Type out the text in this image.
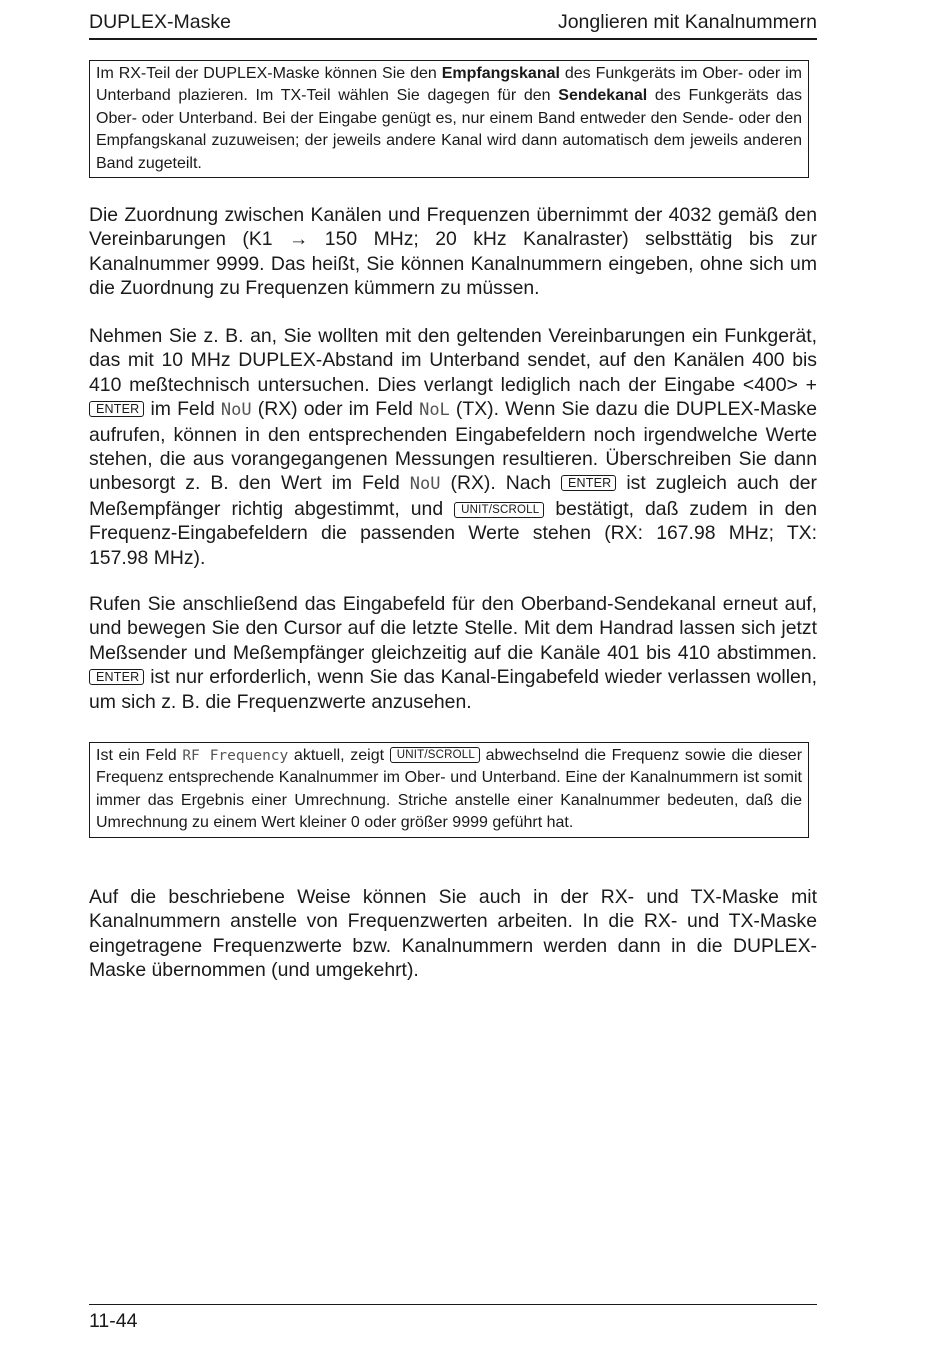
DUPLEX-Maske	Jonglieren mit Kanalnummern

Im RX-Teil der DUPLEX-Maske können Sie den Empfangskanal des Funkgeräts im Ober- oder im Unterband plazieren. Im TX-Teil wählen Sie dagegen für den Sendekanal des Funkgeräts das Ober- oder Unterband. Bei der Eingabe genügt es, nur einem Band entweder den Sende- oder den Empfangskanal zuzuweisen; der jeweils andere Kanal wird dann automatisch dem jeweils anderen Band zugeteilt.

Die Zuordnung zwischen Kanälen und Frequenzen übernimmt der 4032 gemäß den Vereinbarungen (K1 → 150 MHz; 20 kHz Kanalraster) selbsttätig bis zur Kanalnummer 9999. Das heißt, Sie können Kanalnummern eingeben, ohne sich um die Zuordnung zu Frequenzen kümmern zu müssen.

Nehmen Sie z. B. an, Sie wollten mit den geltenden Vereinbarungen ein Funkgerät, das mit 10 MHz DUPLEX-Abstand im Unterband sendet, auf den Kanälen 400 bis 410 meßtechnisch untersuchen. Dies verlangt lediglich nach der Eingabe <400> + ENTER im Feld NoU (RX) oder im Feld NoL (TX). Wenn Sie dazu die DUPLEX-Maske aufrufen, können in den entsprechenden Eingabefeldern noch irgendwelche Werte stehen, die aus vorangegangenen Messungen resultieren. Überschreiben Sie dann unbesorgt z. B. den Wert im Feld NoU (RX). Nach ENTER ist zugleich auch der Meßempfänger richtig abgestimmt, und UNIT/SCROLL bestätigt, daß zudem in den Frequenz-Eingabefeldern die passenden Werte stehen (RX: 167.98 MHz; TX: 157.98 MHz).

Rufen Sie anschließend das Eingabefeld für den Oberband-Sendekanal erneut auf, und bewegen Sie den Cursor auf die letzte Stelle. Mit dem Handrad lassen sich jetzt Meßsender und Meßempfänger gleichzeitig auf die Kanäle 401 bis 410 abstimmen. ENTER ist nur erforderlich, wenn Sie das Kanal-Eingabefeld wieder verlassen wollen, um sich z. B. die Frequenzwerte anzusehen.

Ist ein Feld RF Frequency aktuell, zeigt UNIT/SCROLL abwechselnd die Frequenz sowie die dieser Frequenz entsprechende Kanalnummer im Ober- und Unterband. Eine der Kanalnummern ist somit immer das Ergebnis einer Umrechnung. Striche anstelle einer Kanalnummer bedeuten, daß die Umrechnung zu einem Wert kleiner 0 oder größer 9999 geführt hat.

Auf die beschriebene Weise können Sie auch in der RX- und TX-Maske mit Kanalnummern anstelle von Frequenzwerten arbeiten. In die RX- und TX-Maske eingetragene Frequenzwerte bzw. Kanalnummern werden dann in die DUPLEX-Maske übernommen (und umgekehrt).

11-44
